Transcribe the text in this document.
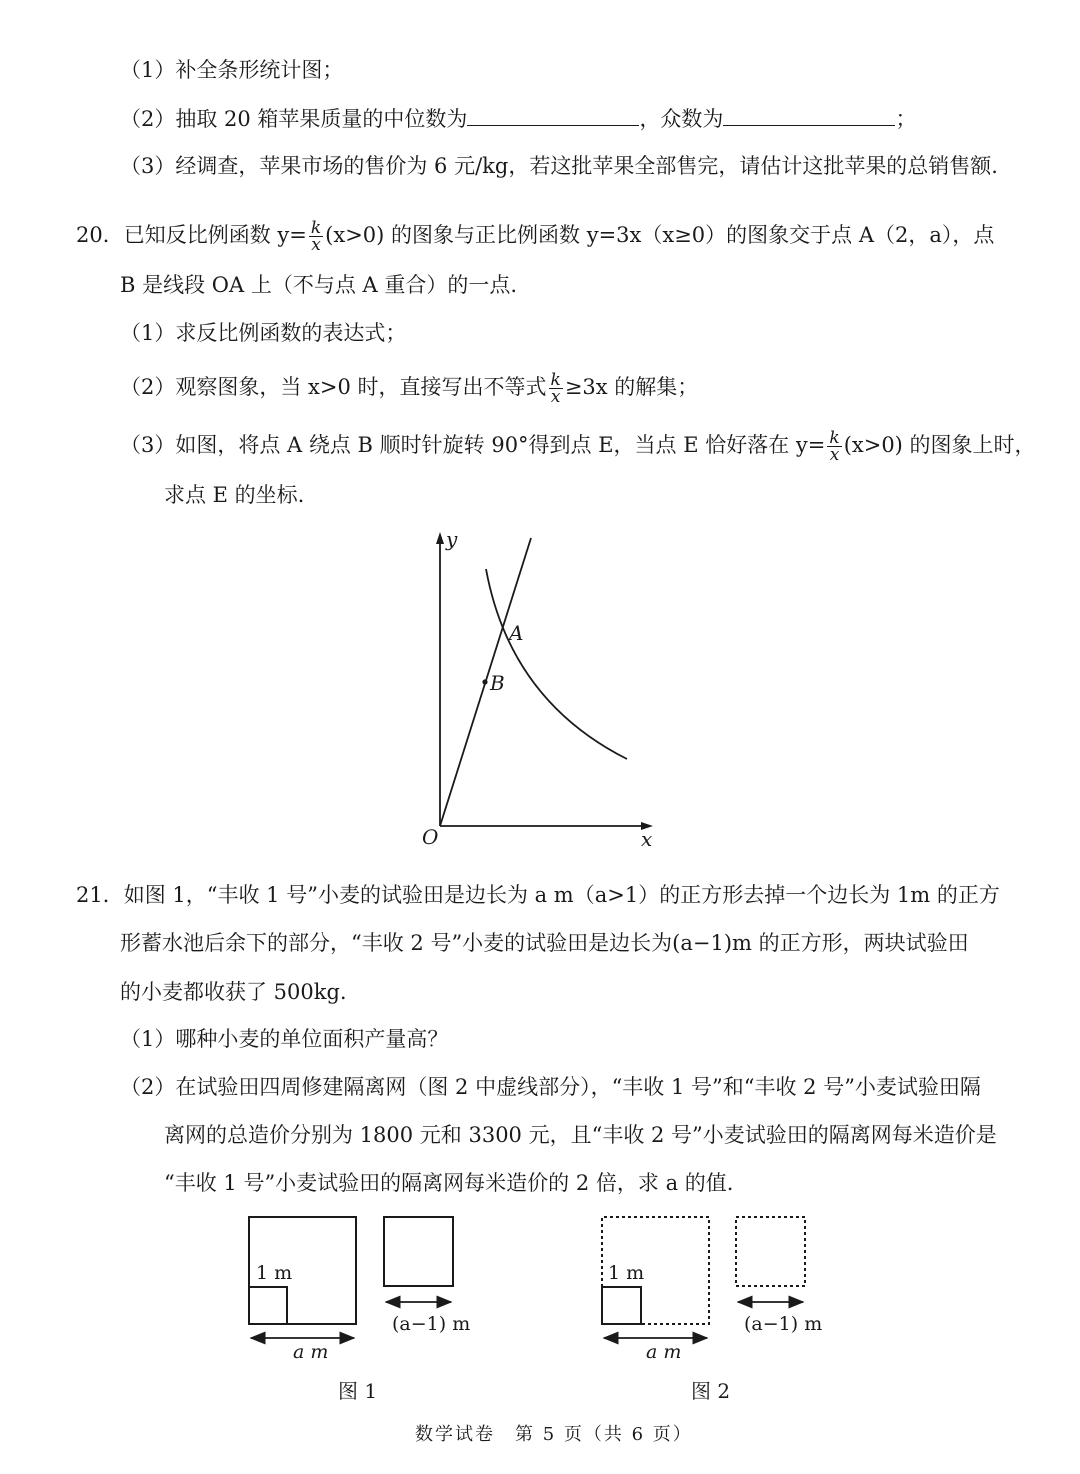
（1）补全条形统计图；
（2）抽取 20 箱苹果质量的中位数为	，众数为	；
（3）经调查，苹果市场的售价为 6 元/kg，若这批苹果全部售完，请估计这批苹果的总销售额.
20．已知反比例函数 $y= \frac{k}{x} (x>0)$ 的图象与正比例函数 y=3x（x≥0）的图象交于点 A（2，a），点
B 是线段 OA 上（不与点 A 重合）的一点.
（1）求反比例函数的表达式；
（2）观察图象，当 x>0 时，直接写出不等式 $\frac{k}{x} \ge 3x$ 的解集；
（3）如图，将点 A 绕点 B 顺时针旋转 90°得到点 E，当点 E 恰好落在 $y= \frac{k}{x} (x>0)$ 的图象上时，
求点 E 的坐标.
y
x
O
A
B
21．如图 1，“丰收 1 号”小麦的试验田是边长为 a m（a>1）的正方形去掉一个边长为 1m 的正方
形蓄水池后余下的部分，“丰收 2 号”小麦的试验田是边长为(a−1)m 的正方形，两块试验田
的小麦都收获了 500kg.
（1）哪种小麦的单位面积产量高？
（2）在试验田四周修建隔离网（图 2 中虚线部分），“丰收 1 号”和“丰收 2 号”小麦试验田隔
离网的总造价分别为 1800 元和 3300 元，且“丰收 2 号”小麦试验田的隔离网每米造价是
“丰收 1 号”小麦试验田的隔离网每米造价的 2 倍，求 a 的值.
1 m
a m
(a−1) m
1 m
a m
(a−1) m
图 1	图 2
数学试卷　第 5 页（共 6 页）
